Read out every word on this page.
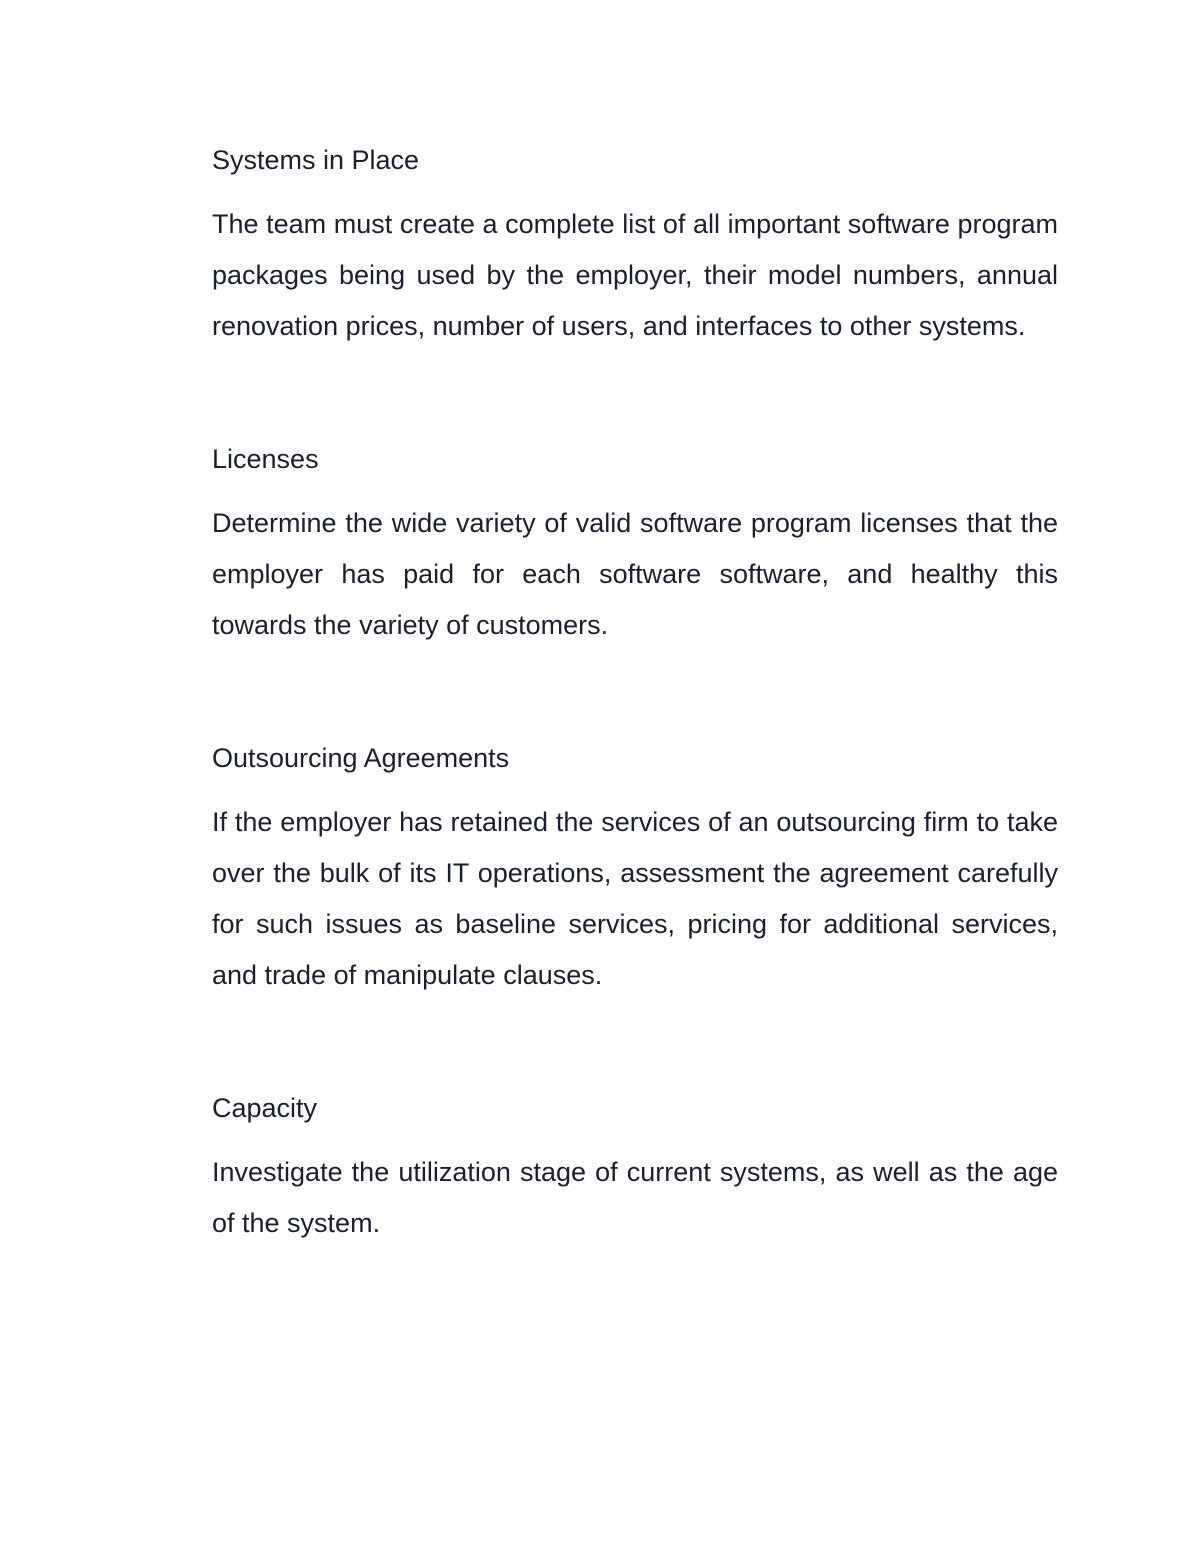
Systems in Place

The team must create a complete list of all important software program packages being used by the employer, their model numbers, annual renovation prices, number of users, and interfaces to other systems.

Licenses

Determine the wide variety of valid software program licenses that the employer has paid for each software software, and healthy this towards the variety of customers.

Outsourcing Agreements

If the employer has retained the services of an outsourcing firm to take over the bulk of its IT operations, assessment the agreement carefully for such issues as baseline services, pricing for additional services, and trade of manipulate clauses.

Capacity

Investigate the utilization stage of current systems, as well as the age of the system.
